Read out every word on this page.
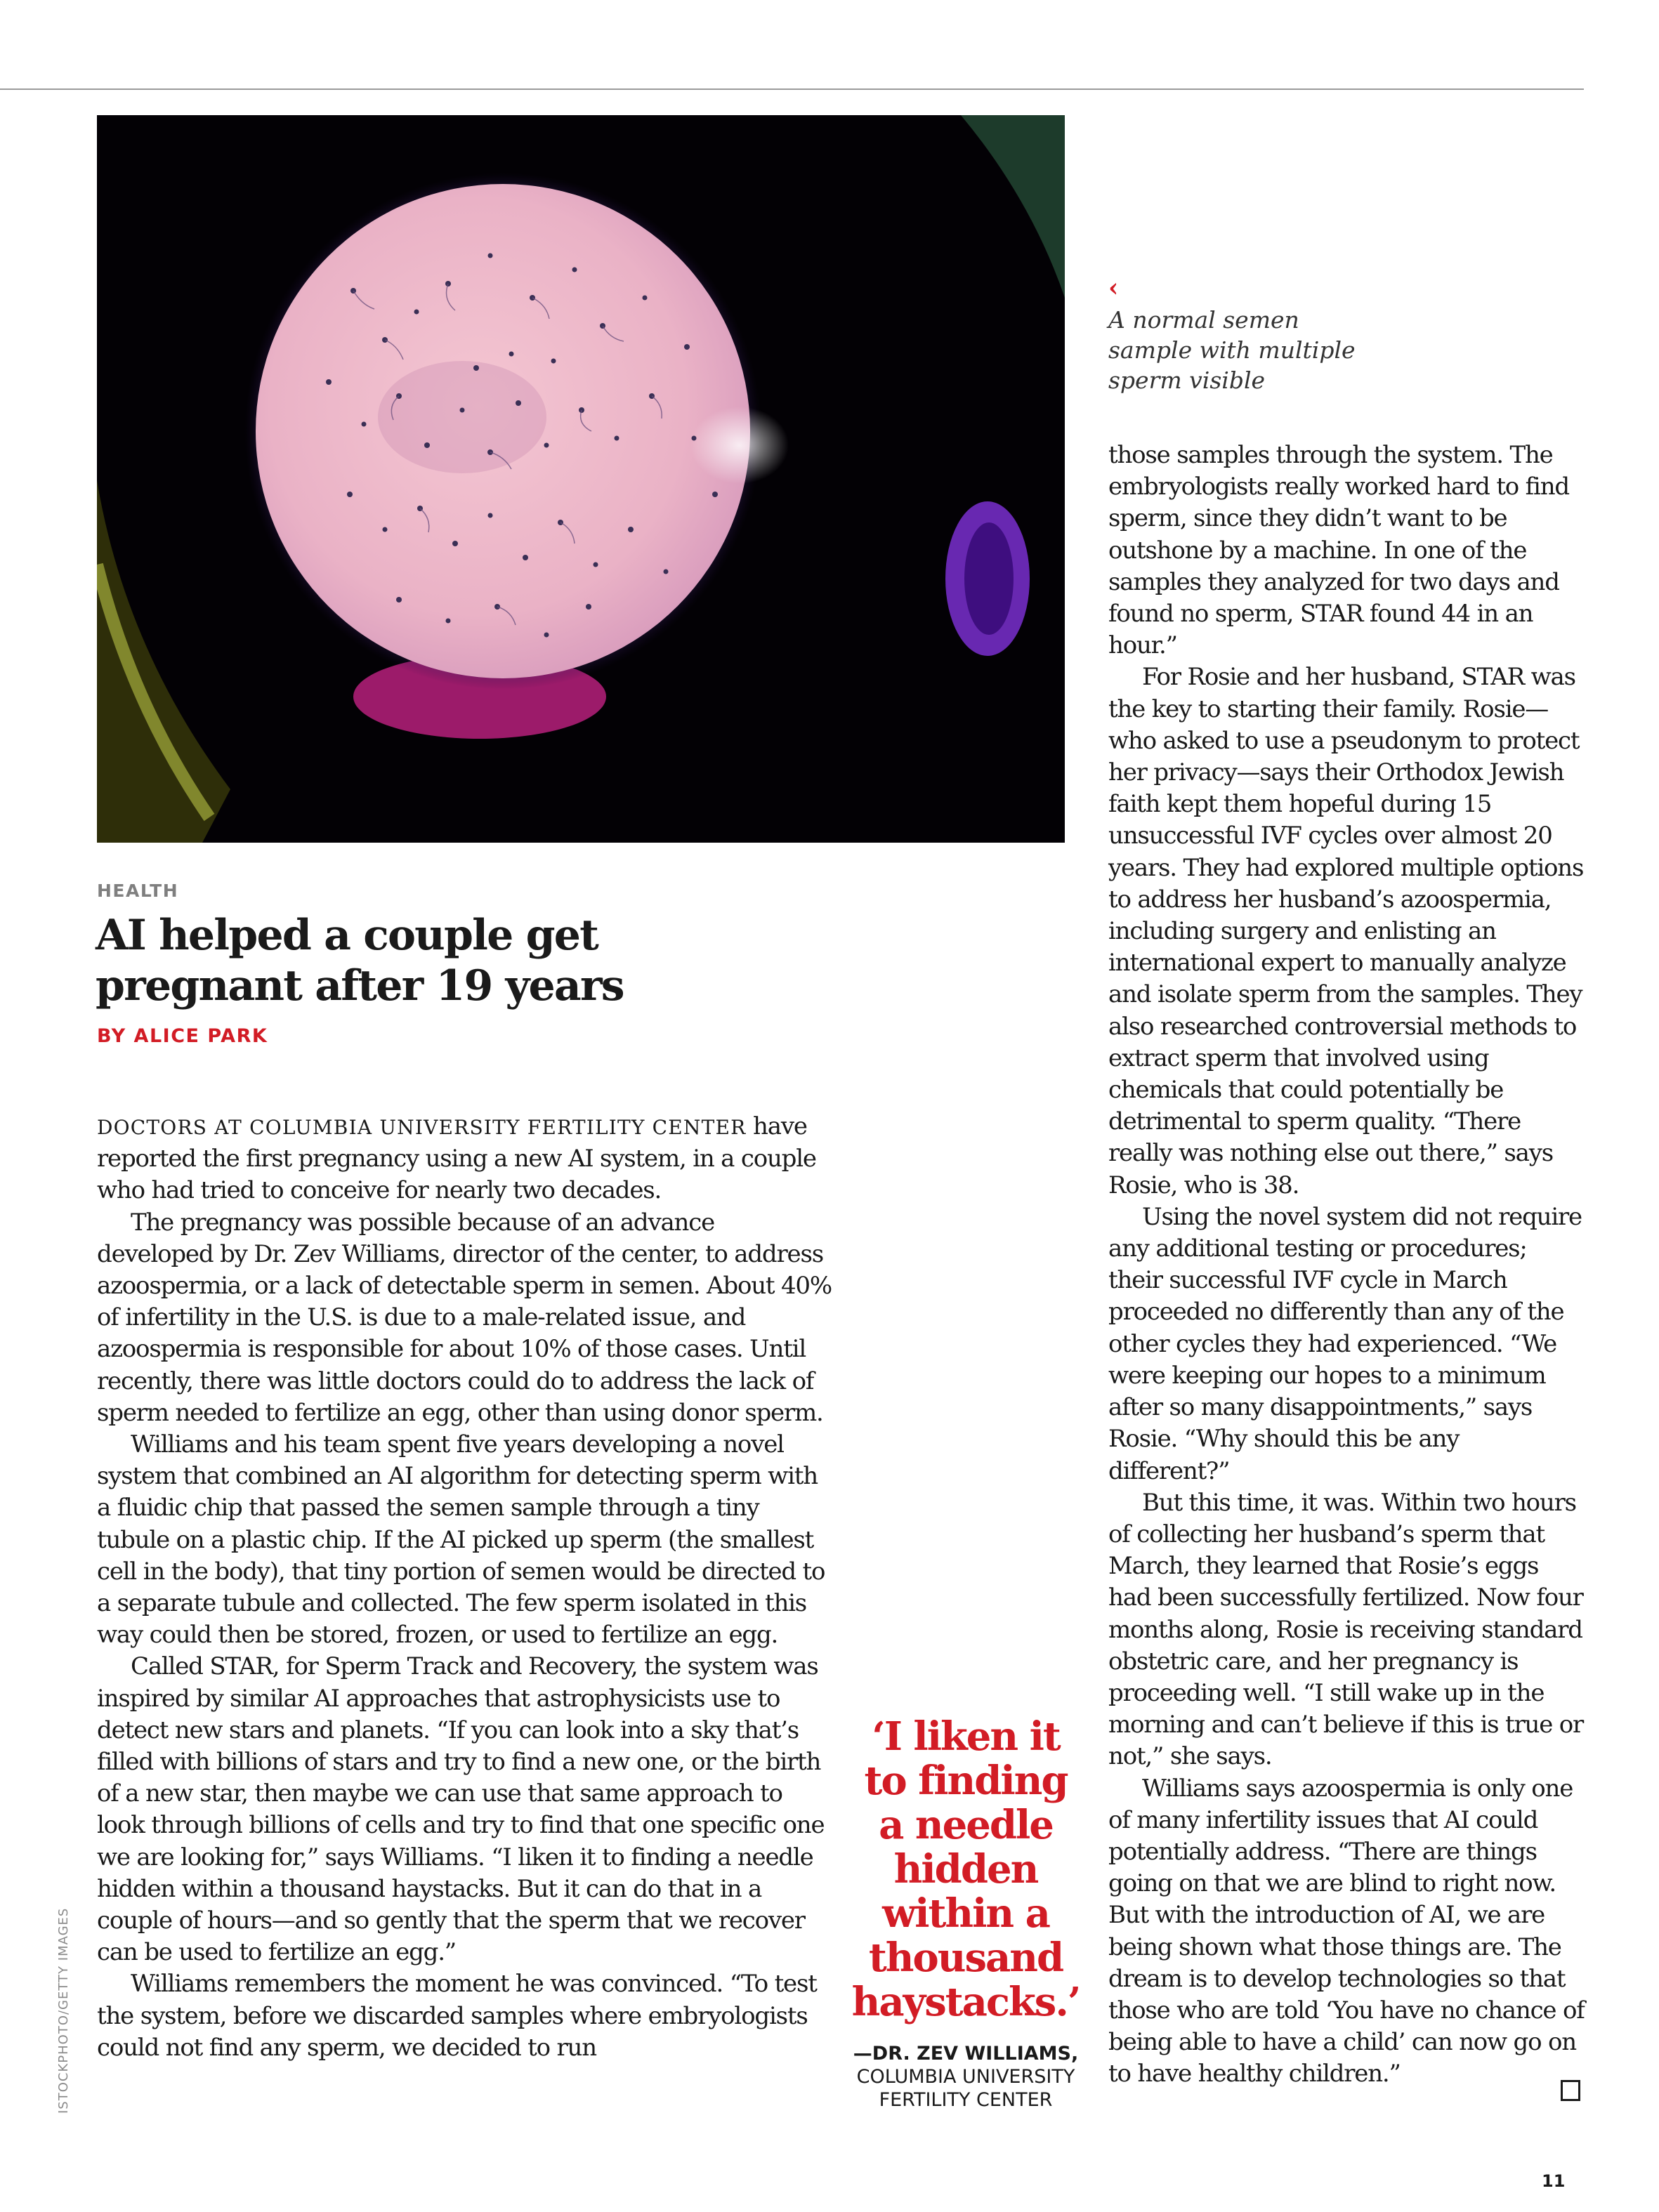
‹
A normal semen sample with multiple sperm visible
HEALTH
AI helped a couple get pregnant after 19 years
BY ALICE PARK

DOCTORS AT COLUMBIA UNIVERSITY FERTILITY CENTER have reported the first pregnancy using a new AI system, in a couple who had tried to conceive for nearly two decades.

The pregnancy was possible because of an advance developed by Dr. Zev Williams, director of the center, to address azoospermia, or a lack of detectable sperm in semen. About 40% of infertility in the U.S. is due to a male-related issue, and azoospermia is responsible for about 10% of those cases. Until recently, there was little doctors could do to address the lack of sperm needed to fertilize an egg, other than using donor sperm.

Williams and his team spent five years developing a novel system that combined an AI algorithm for detecting sperm with a fluidic chip that passed the semen sample through a tiny tubule on a plastic chip. If the AI picked up sperm (the smallest cell in the body), that tiny portion of semen would be directed to a separate tubule and collected. The few sperm isolated in this way could then be stored, frozen, or used to fertilize an egg.

Called STAR, for Sperm Track and Recovery, the system was inspired by similar AI approaches that astrophysicists use to detect new stars and planets. “If you can look into a sky that’s filled with billions of stars and try to find a new one, or the birth of a new star, then maybe we can use that same approach to look through billions of cells and try to find that one specific one we are looking for,” says Williams. “I liken it to finding a needle hidden within a thousand haystacks. But it can do that in a couple of hours—and so gently that the sperm that we recover can be used to fertilize an egg.”

Williams remembers the moment he was convinced. “To test the system, before we discarded samples where embryologists could not find any sperm, we decided to run

‘I liken it to finding a needle hidden within a thousand haystacks.’
—DR. ZEV WILLIAMS,
COLUMBIA UNIVERSITY FERTILITY CENTER

those samples through the system. The embryologists really worked hard to find sperm, since they didn’t want to be outshone by a machine. In one of the samples they analyzed for two days and found no sperm, STAR found 44 in an hour.”

For Rosie and her husband, STAR was the key to starting their family. Rosie—who asked to use a pseudonym to protect her privacy—says their Orthodox Jewish faith kept them hopeful during 15 unsuccessful IVF cycles over almost 20 years. They had explored multiple options to address her husband’s azoospermia, including surgery and enlisting an international expert to manually analyze and isolate sperm from the samples. They also researched controversial methods to extract sperm that involved using chemicals that could potentially be detrimental to sperm quality. “There really was nothing else out there,” says Rosie, who is 38.

Using the novel system did not require any additional testing or procedures; their successful IVF cycle in March proceeded no differently than any of the other cycles they had experienced. “We were keeping our hopes to a minimum after so many disappointments,” says Rosie. “Why should this be any different?”

But this time, it was. Within two hours of collecting her husband’s sperm that March, they learned that Rosie’s eggs had been successfully fertilized. Now four months along, Rosie is receiving standard obstetric care, and her pregnancy is proceeding well. “I still wake up in the morning and can’t believe if this is true or not,” she says.

Williams says azoospermia is only one of many infertility issues that AI could potentially address. “There are things going on that we are blind to right now. But with the introduction of AI, we are being shown what those things are. The dream is to develop technologies so that those who are told ‘You have no chance of being able to have a child’ can now go on to have healthy children.”

ISTOCKPHOTO/GETTY IMAGES
11
